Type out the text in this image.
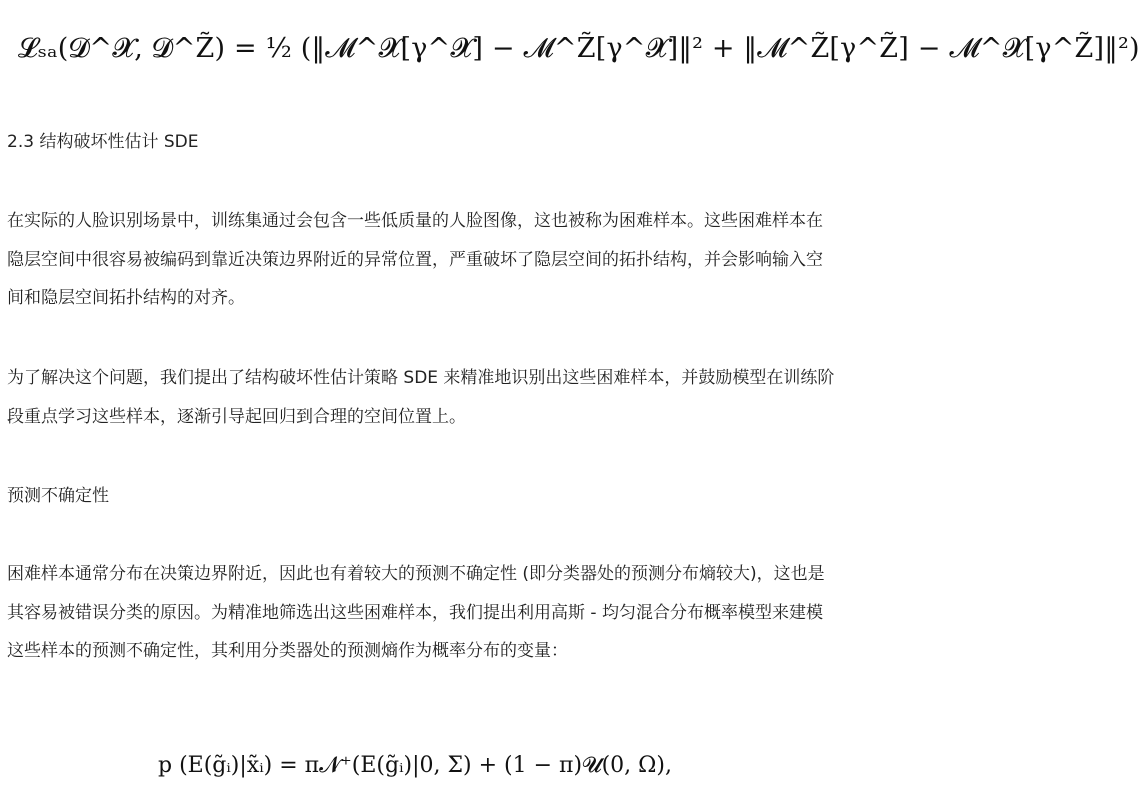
𝓛ₛₐ(𝓓^𝓧, 𝓓^Z̃) = ½ (‖𝓜^𝓧[γ^𝓧] − 𝓜^Z̃[γ^𝓧]‖² + ‖𝓜^Z̃[γ^Z̃] − 𝓜^𝓧[γ^Z̃]‖²)
2.3 结构破坏性估计 SDE

在实际的人脸识别场景中，训练集通过会包含一些低质量的人脸图像，这也被称为困难样本。这些困难样本在隐层空间中很容易被编码到靠近决策边界附近的异常位置，严重破坏了隐层空间的拓扑结构，并会影响输入空间和隐层空间拓扑结构的对齐。

为了解决这个问题，我们提出了结构破坏性估计策略 SDE 来精准地识别出这些困难样本，并鼓励模型在训练阶段重点学习这些样本，逐渐引导起回归到合理的空间位置上。

预测不确定性

困难样本通常分布在决策边界附近，因此也有着较大的预测不确定性 (即分类器处的预测分布熵较大)，这也是其容易被错误分类的原因。为精准地筛选出这些困难样本，我们提出利用高斯 - 均匀混合分布概率模型来建模这些样本的预测不确定性，其利用分类器处的预测熵作为概率分布的变量：

p (E(g̃ᵢ)|x̃ᵢ) = π𝓝⁺(E(g̃ᵢ)|0, Σ) + (1 − π)𝓤(0, Ω),
